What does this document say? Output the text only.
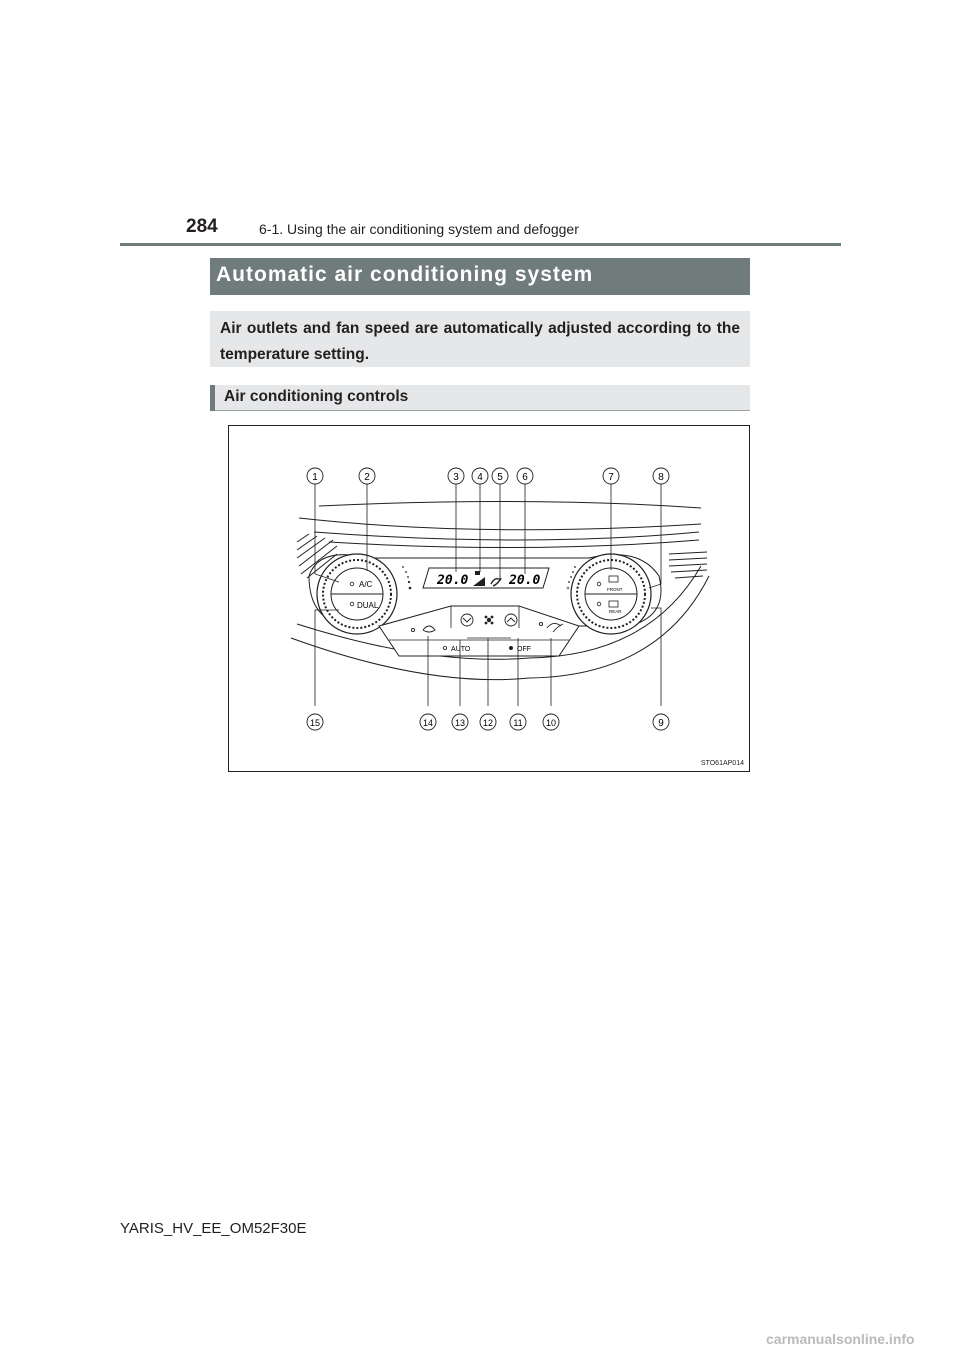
284	6-1. Using the air conditioning system and defogger
Automatic air conditioning system
Air outlets and fan speed are automatically adjusted according to the temperature setting.
Air conditioning controls
A/C
DUAL
FRONT
REAR
20.0	20.0
AUTO	OFF
1	2	3 4 5 6	7	8
9
10
11
12
13
14
15
STO61AP014
YARIS_HV_EE_OM52F30E
carmanualsonline.info
